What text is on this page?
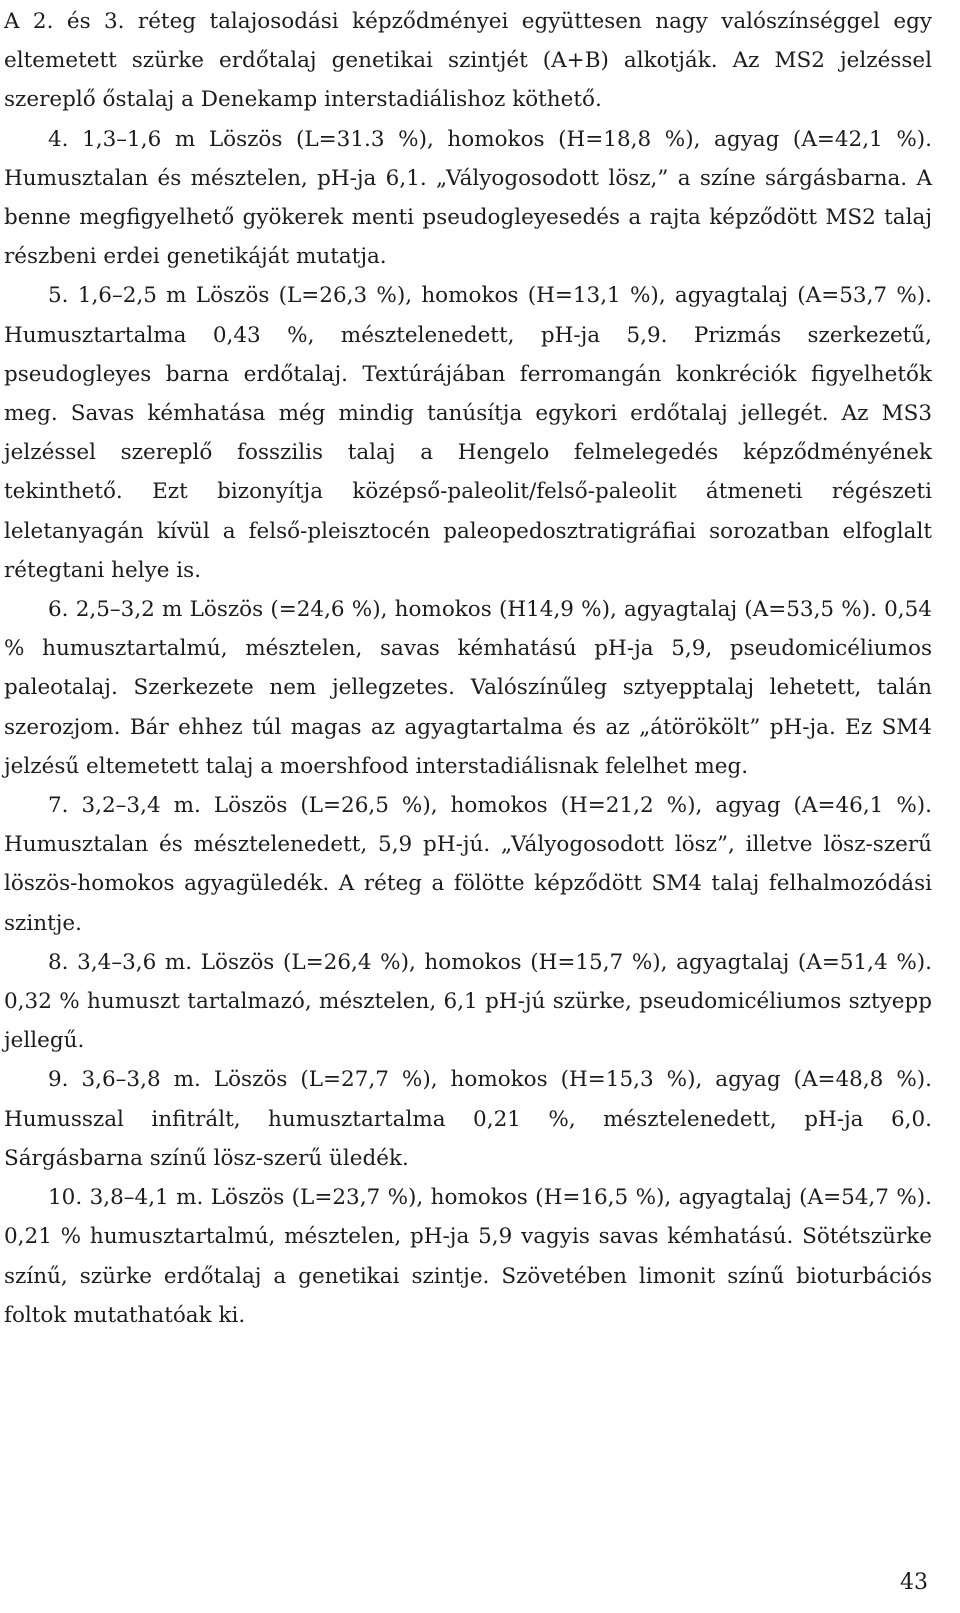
A 2. és 3. réteg talajosodási képződményei együttesen nagy valószínséggel egy eltemetett szürke erdőtalaj genetikai szintjét (A+B) alkotják. Az MS2 jelzéssel szereplő őstalaj a Denekamp interstadiálishoz köthető.

4. 1,3–1,6 m Löszös (L=31.3 %), homokos (H=18,8 %), agyag (A=42,1 %). Humusztalan és mésztelen, pH-ja 6,1. „Vályogosodott lösz,” a színe sárgásbarna. A benne megfigyelhető gyökerek menti pseudogleyesedés a rajta képződött MS2 talaj részbeni erdei genetikáját mutatja.

5. 1,6–2,5 m Löszös (L=26,3 %), homokos (H=13,1 %), agyagtalaj (A=53,7 %). Humusztartalma 0,43 %, mésztelenedett, pH-ja 5,9. Prizmás szerkezetű, pseudogleyes barna erdőtalaj. Textúrájában ferromangán konkréciók figyelhetők meg. Savas kémhatása még mindig tanúsítja egykori erdőtalaj jellegét. Az MS3 jelzéssel szereplő fosszilis talaj a Hengelo felmelegedés képződményének tekinthető. Ezt bizonyítja középső-paleolit/felső-paleolit átmeneti régészeti leletanyagán kívül a felső-pleisztocén paleopedosztratigráfiai sorozatban elfoglalt rétegtani helye is.

6. 2,5–3,2 m Löszös (=24,6 %), homokos (H14,9 %), agyagtalaj (A=53,5 %). 0,54 % humusztartalmú, mésztelen, savas kémhatású pH-ja 5,9, pseudomicéliumos paleotalaj. Szerkezete nem jellegzetes. Valószínűleg sztyepptalaj lehetett, talán szerozjom. Bár ehhez túl magas az agyagtartalma és az „átörökölt” pH-ja. Ez SM4 jelzésű eltemetett talaj a moershfood interstadiálisnak felelhet meg.

7. 3,2–3,4 m. Löszös (L=26,5 %), homokos (H=21,2 %), agyag (A=46,1 %). Humusztalan és mésztelenedett, 5,9 pH-jú. „Vályogosodott lösz”, illetve lösz-szerű löszös-homokos agyagüledék. A réteg a fölötte képződött SM4 talaj felhalmozódási szintje.

8. 3,4–3,6 m. Löszös (L=26,4 %), homokos (H=15,7 %), agyagtalaj (A=51,4 %). 0,32 % humuszt tartalmazó, mésztelen, 6,1 pH-jú szürke, pseudomicéliumos sztyepp jellegű.

9. 3,6–3,8 m. Löszös (L=27,7 %), homokos (H=15,3 %), agyag (A=48,8 %). Humusszal infitrált, humusztartalma 0,21 %, mésztelenedett, pH-ja 6,0. Sárgásbarna színű lösz-szerű üledék.

10. 3,8–4,1 m. Löszös (L=23,7 %), homokos (H=16,5 %), agyagtalaj (A=54,7 %). 0,21 % humusztartalmú, mésztelen, pH-ja 5,9 vagyis savas kémhatású. Sötétszürke színű, szürke erdőtalaj a genetikai szintje. Szövetében limonit színű bioturbációs foltok mutathatóak ki.

43
